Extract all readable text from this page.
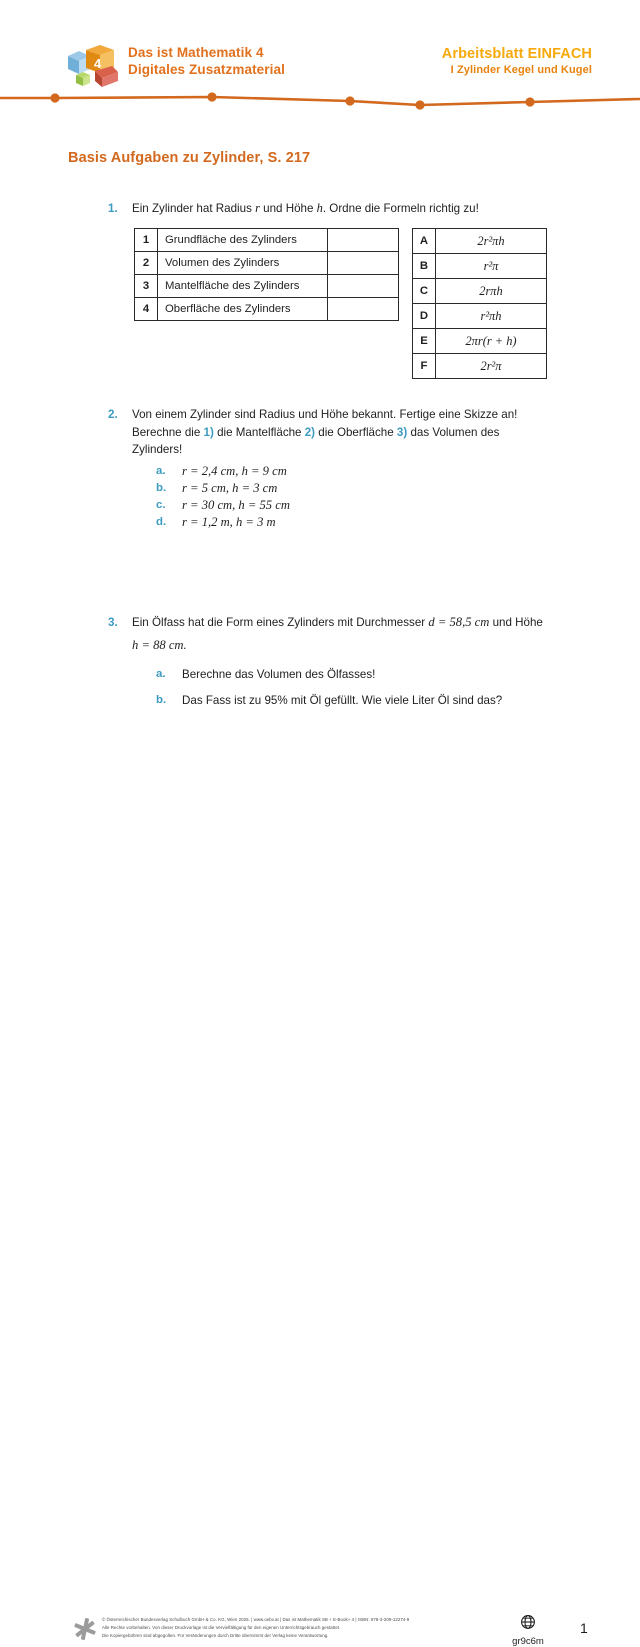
4
Das ist Mathematik 4
Digitales Zusatzmaterial
Arbeitsblatt EINFACH
I Zylinder Kegel und Kugel
Basis Aufgaben zu Zylinder, S. 217
1.	Ein Zylinder hat Radius r und Höhe h. Ordne die Formeln richtig zu!
1	Grundfläche des Zylinders	
2	Volumen des Zylinders	
3	Mantelfläche des Zylinders	
4	Oberfläche des Zylinders	
A	2r²πh
B	r²π
C	2rπh
D	r²πh
E	2πr(r + h)
F	2r²π
2.	Von einem Zylinder sind Radius und Höhe bekannt. Fertige eine Skizze an!
Berechne die 1) die Mantelfläche 2) die Oberfläche 3) das Volumen des
Zylinders!
a. r = 2,4 cm, h = 9 cm
b. r = 5 cm, h = 3 cm
c. r = 30 cm, h = 55 cm
d. r = 1,2 m, h = 3 m
3.	Ein Ölfass hat die Form eines Zylinders mit Durchmesser d = 58,5 cm und Höhe
h = 88 cm.
a. Berechne das Volumen des Ölfasses!
b. Das Fass ist zu 95% mit Öl gefüllt. Wie viele Liter Öl sind das?
© Österreichischer Bundesverlag Schulbuch GmbH & Co. KG, Wien 2025. | www.oebv.at | Das ist Mathematik SB + E-Book+ 4 | ISBN: 978-3-209-12274-9
Alle Rechte vorbehalten. Von dieser Druckvorlage ist die Vervielfältigung für den eigenen Unterrichtsgebrauch gestattet.
Die Kopiergebühren sind abgegolten. Für Veränderungen durch Dritte übernimmt der Verlag keine Verantwortung.
gr9c6m
1
